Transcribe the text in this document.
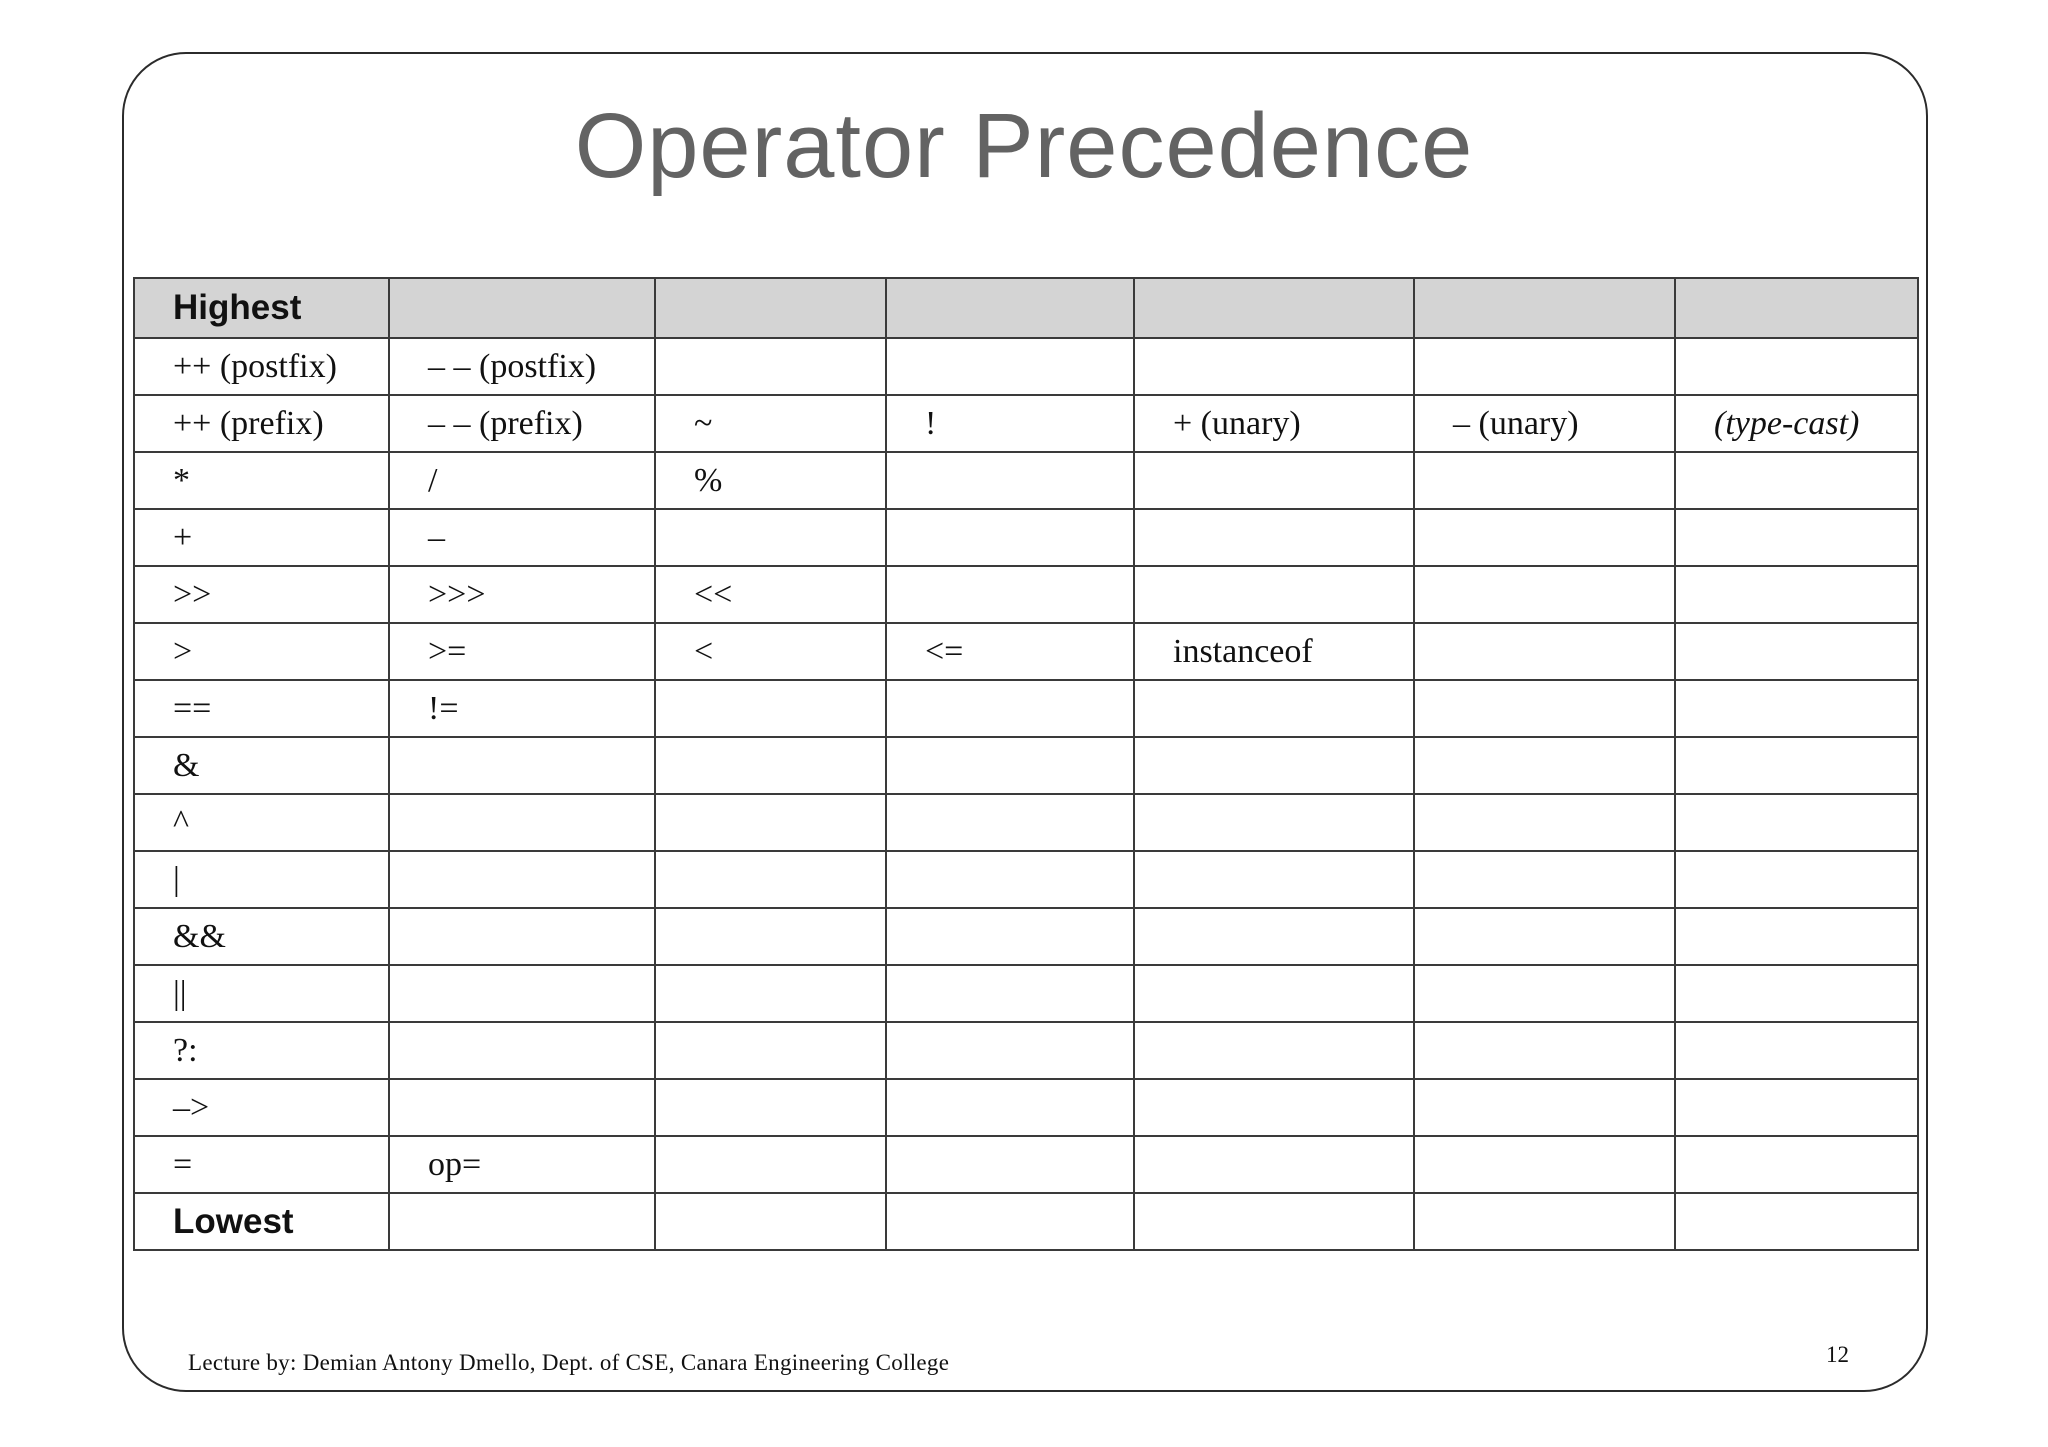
Operator Precedence
Highest						
++ (postfix)	– – (postfix)					
++ (prefix)	– – (prefix)	~	!	+ (unary)	– (unary)	(type-cast)
*	/	%				
+	–					
>>	>>>	<<				
>	>=	<	<=	instanceof		
==	!=					
&						
^						
|						
&&						
||						
?:						
–>						
=	op=					
Lowest						
Lecture by: Demian Antony Dmello, Dept. of CSE, Canara Engineering College	12
